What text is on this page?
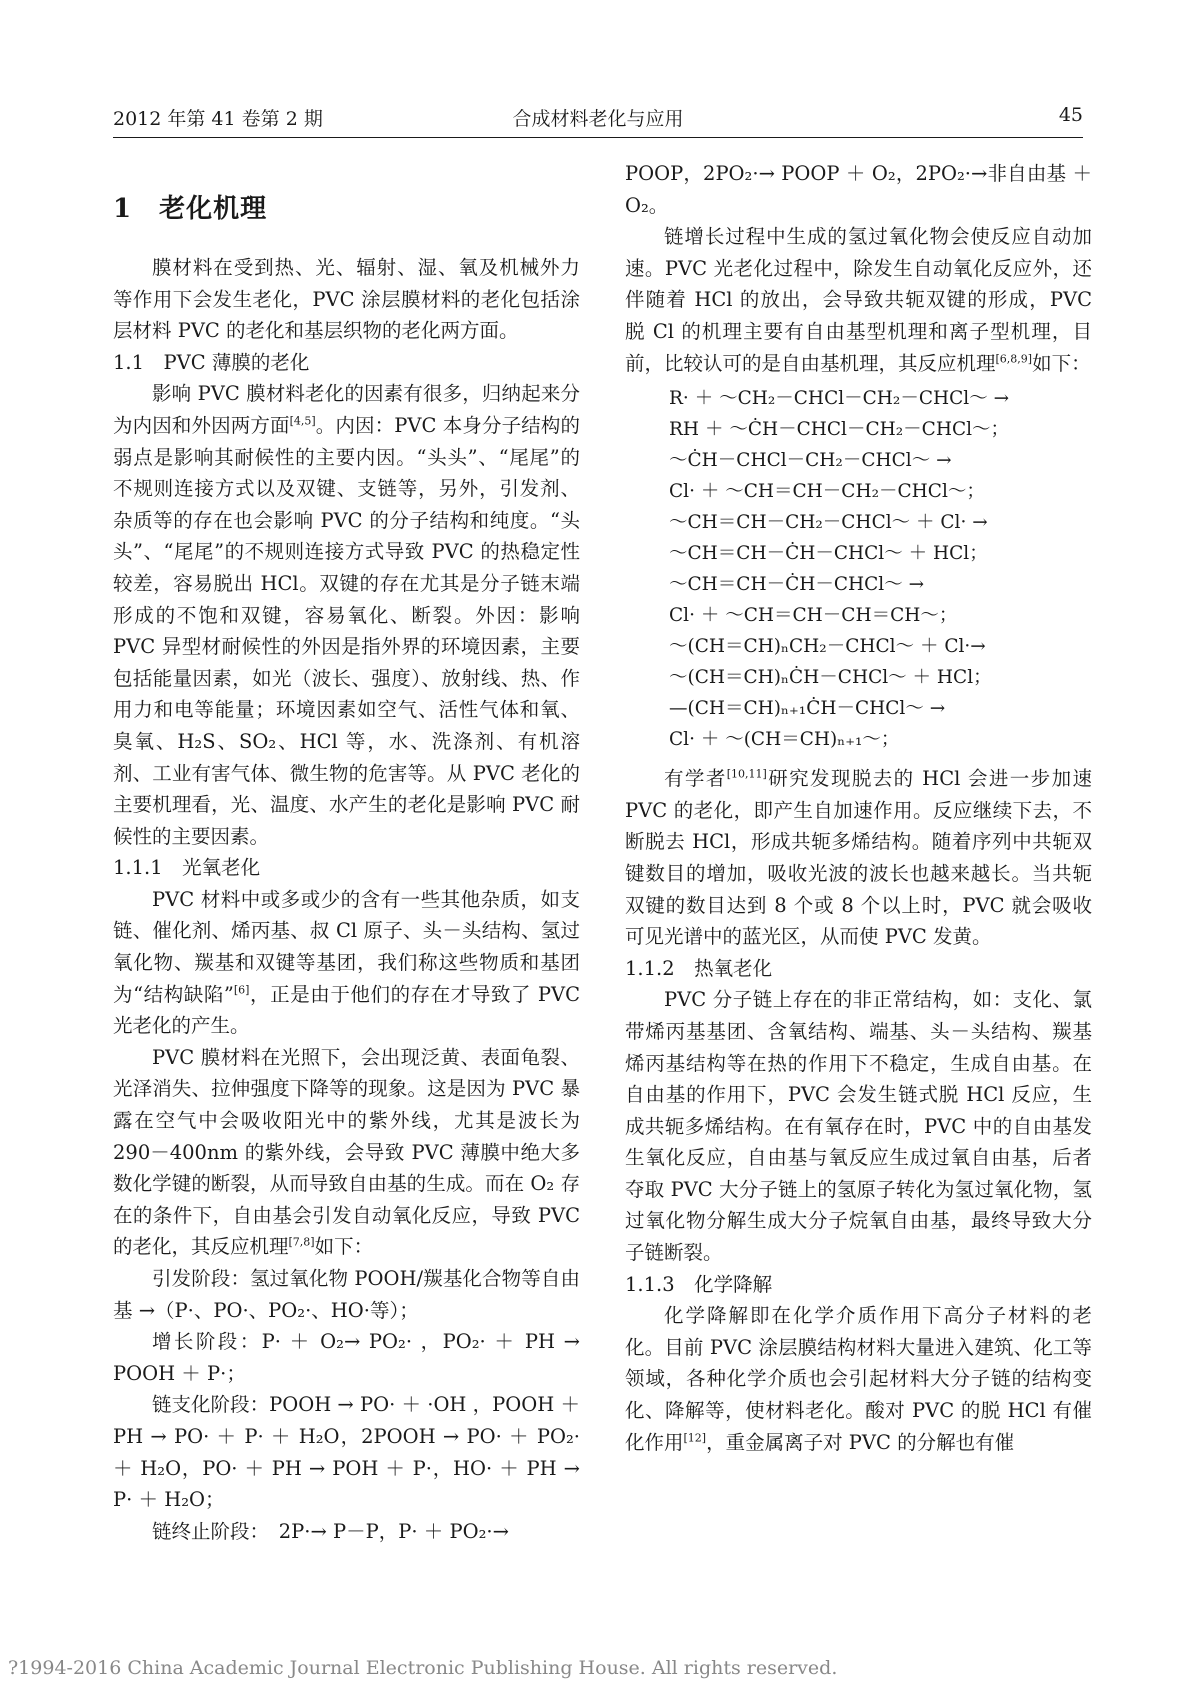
2012 年第 41 卷第 2 期	合成材料老化与应用	45

1　老化机理

膜材料在受到热、光、辐射、湿、氧及机械外力等作用下会发生老化，PVC 涂层膜材料的老化包括涂层材料 PVC 的老化和基层织物的老化两方面。

1.1　PVC 薄膜的老化

影响 PVC 膜材料老化的因素有很多，归纳起来分为内因和外因两方面[4,5]。内因：PVC 本身分子结构的弱点是影响其耐候性的主要内因。“头头”、“尾尾”的不规则连接方式以及双键、支链等，另外，引发剂、杂质等的存在也会影响 PVC 的分子结构和纯度。“头头”、“尾尾”的不规则连接方式导致 PVC 的热稳定性较差，容易脱出 HCl。双键的存在尤其是分子链末端形成的不饱和双键，容易氧化、断裂。外因：影响 PVC 异型材耐候性的外因是指外界的环境因素，主要包括能量因素，如光（波长、强度）、放射线、热、作用力和电等能量；环境因素如空气、活性气体和氧、臭氧、H₂S、SO₂、HCl 等，水、洗涤剂、有机溶剂、工业有害气体、微生物的危害等。从 PVC 老化的主要机理看，光、温度、水产生的老化是影响 PVC 耐候性的主要因素。

1.1.1　光氧老化

PVC 材料中或多或少的含有一些其他杂质，如支链、催化剂、烯丙基、叔 Cl 原子、头－头结构、氢过氧化物、羰基和双键等基团，我们称这些物质和基团为“结构缺陷”[6]，正是由于他们的存在才导致了 PVC 光老化的产生。

PVC 膜材料在光照下，会出现泛黄、表面龟裂、光泽消失、拉伸强度下降等的现象。这是因为 PVC 暴露在空气中会吸收阳光中的紫外线，尤其是波长为 290－400nm 的紫外线，会导致 PVC 薄膜中绝大多数化学键的断裂，从而导致自由基的生成。而在 O₂ 存在的条件下，自由基会引发自动氧化反应，导致 PVC 的老化，其反应机理[7,8]如下：

引发阶段：氢过氧化物 POOH/羰基化合物等自由基 →（P·、PO·、PO₂·、HO·等）；

增长阶段：P· ＋ O₂→ PO₂· ，PO₂· ＋ PH → POOH ＋ P·；

链支化阶段：POOH → PO· ＋ ·OH ，POOH ＋ PH → PO· ＋ P· ＋ H₂O，2POOH → PO· ＋ PO₂· ＋ H₂O，PO· ＋ PH → POH ＋ P·，HO· ＋ PH → P· ＋ H₂O；

链终止阶段：　2P·→ P－P，P· ＋ PO₂·→

POOP，2PO₂·→ POOP ＋ O₂，2PO₂·→非自由基 ＋ O₂。

链增长过程中生成的氢过氧化物会使反应自动加速。PVC 光老化过程中，除发生自动氧化反应外，还伴随着 HCl 的放出，会导致共轭双键的形成，PVC 脱 Cl 的机理主要有自由基型机理和离子型机理，目前，比较认可的是自由基机理，其反应机理[6,8,9]如下：

R· ＋ ～CH₂－CHCl－CH₂－CHCl～ →
RH ＋ ～ĊH－CHCl－CH₂－CHCl～；
～ĊH－CHCl－CH₂－CHCl～ →
Cl· ＋ ～CH＝CH－CH₂－CHCl～；
～CH＝CH－CH₂－CHCl～ ＋ Cl· →
～CH＝CH－ĊH－CHCl～ ＋ HCl；
～CH＝CH－ĊH－CHCl～ →
Cl· ＋ ～CH＝CH－CH＝CH～；
～(CH＝CH)ₙCH₂－CHCl～ ＋ Cl·→
～(CH＝CH)ₙĊH－CHCl～ ＋ HCl；
—(CH＝CH)ₙ₊₁ĊH－CHCl～ →
Cl· ＋ ～(CH＝CH)ₙ₊₁～；

有学者[10,11]研究发现脱去的 HCl 会进一步加速 PVC 的老化，即产生自加速作用。反应继续下去，不断脱去 HCl，形成共轭多烯结构。随着序列中共轭双键数目的增加，吸收光波的波长也越来越长。当共轭双键的数目达到 8 个或 8 个以上时，PVC 就会吸收可见光谱中的蓝光区，从而使 PVC 发黄。

1.1.2　热氧老化

PVC 分子链上存在的非正常结构，如：支化、氯带烯丙基基团、含氧结构、端基、头－头结构、羰基烯丙基结构等在热的作用下不稳定，生成自由基。在自由基的作用下，PVC 会发生链式脱 HCl 反应，生成共轭多烯结构。在有氧存在时，PVC 中的自由基发生氧化反应，自由基与氧反应生成过氧自由基，后者夺取 PVC 大分子链上的氢原子转化为氢过氧化物，氢过氧化物分解生成大分子烷氧自由基，最终导致大分子链断裂。

1.1.3　化学降解

化学降解即在化学介质作用下高分子材料的老化。目前 PVC 涂层膜结构材料大量进入建筑、化工等领域，各种化学介质也会引起材料大分子链的结构变化、降解等，使材料老化。酸对 PVC 的脱 HCl 有催化作用[12]，重金属离子对 PVC 的分解也有催

?1994-2016 China Academic Journal Electronic Publishing House. All rights reserved.
